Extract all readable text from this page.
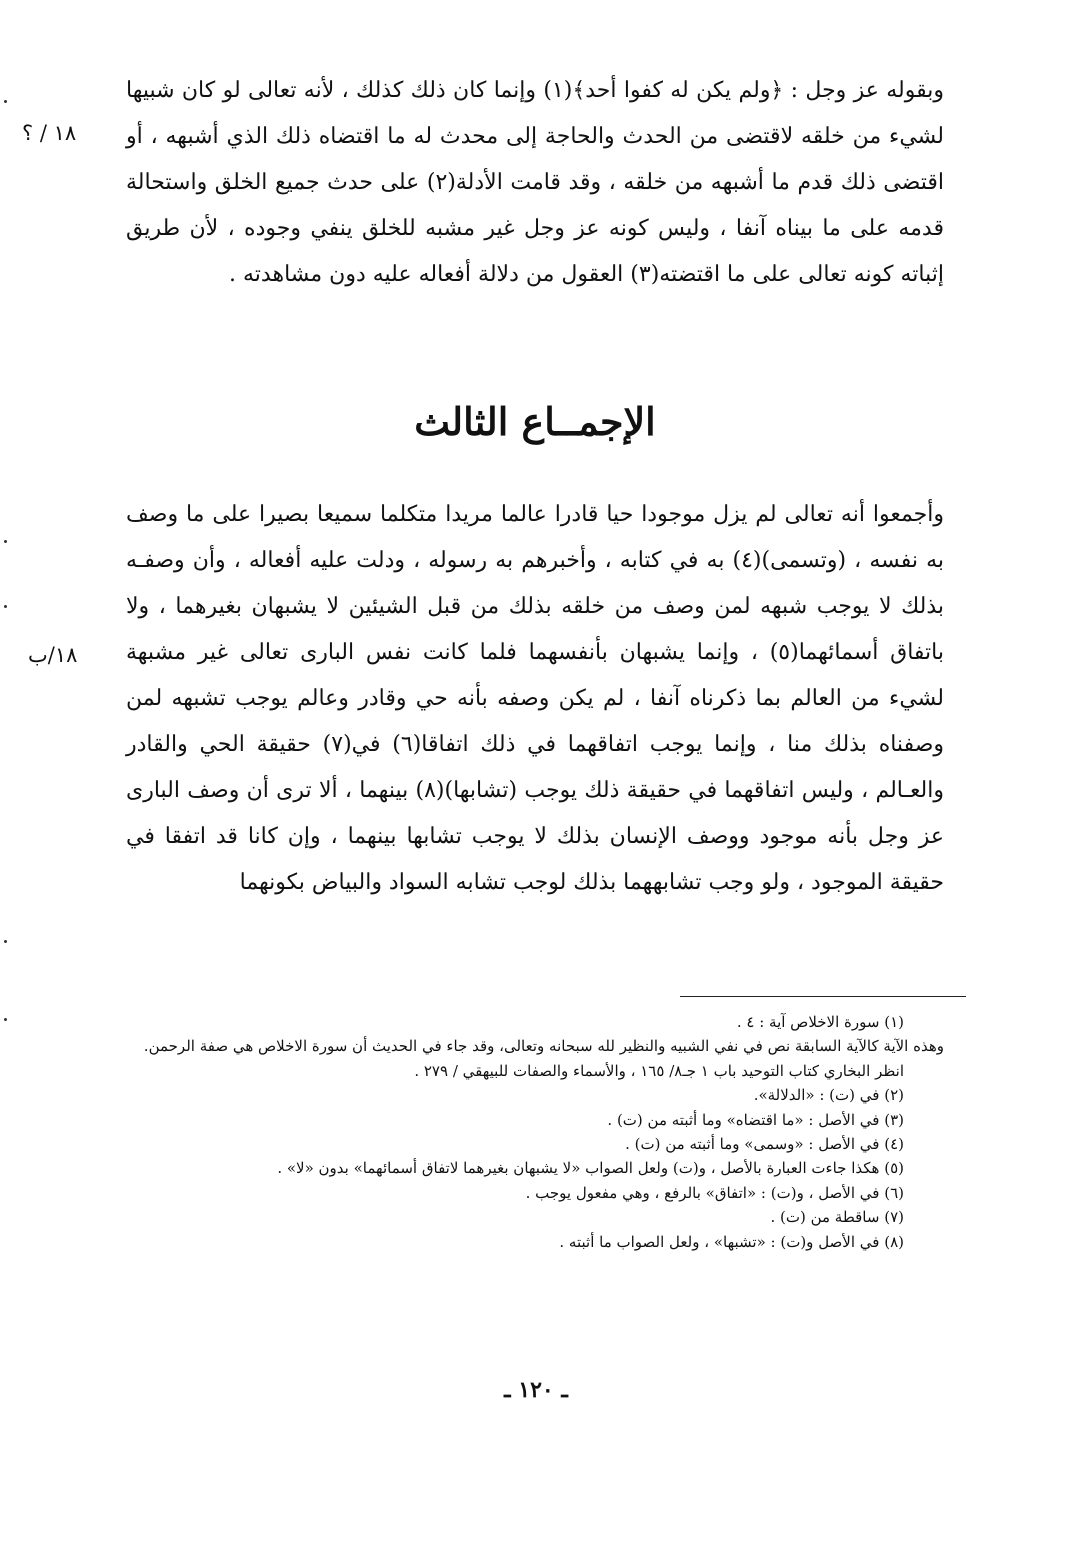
وبقوله عز وجل : ﴿ولم يكن له كفوا أحد﴾(١) وإنما كان ذلك كذلك ، لأنه تعالى لو كان شبيها لشيء من خلقه لاقتضى من الحدث والحاجة إلى محدث له ما اقتضاه ذلك الذي أشبهه ، أو اقتضى ذلك قدم ما أشبهه من خلقه ، وقد قامت الأدلة(٢) على حدث جميع الخلق واستحالة قدمه على ما بيناه آنفا ، وليس كونه عز وجل غير مشبه للخلق ينفي وجوده ، لأن طريق إثباته كونه تعالى على ما اقتضته(٣) العقول من دلالة أفعاله عليه دون مشاهدته .

١٨ / ؟
الإجمــاع الثالث

وأجمعوا أنه تعالى لم يزل موجودا حيا قادرا عالما مريدا متكلما سميعا بصيرا على ما وصف به نفسه ، (وتسمى)(٤) به في كتابه ، وأخبرهم به رسوله ، ودلت عليه أفعاله ، وأن وصفـه بذلك لا يوجب شبهه لمن وصف من خلقه بذلك من قبل الشيئين لا يشبهان بغيرهما ، ولا باتفاق أسمائهما(٥) ، وإنما يشبهان بأنفسهما فلما كانت نفس البارى تعالى غير مشبهة لشيء من العالم بما ذكرناه آنفا ، لم يكن وصفه بأنه حي وقادر وعالم يوجب تشبهه لمن وصفناه بذلك منا ، وإنما يوجب اتفاقهما في ذلك اتفاقا(٦) في(٧) حقيقة الحي والقادر والعـالم ، وليس اتفاقهما في حقيقة ذلك يوجب (تشابها)(٨) بينهما ، ألا ترى أن وصف البارى عز وجل بأنه موجود ووصف الإنسان بذلك لا يوجب تشابها بينهما ، وإن كانا قد اتفقا في حقيقة الموجود ، ولو وجب تشابههما بذلك لوجب تشابه السواد والبياض بكونهما

١٨/ب
(١) سورة الاخلاص آية : ٤ .
وهذه الآية كالآية السابقة نص في نفي الشبيه والنظير لله سبحانه وتعالى، وقد جاء في الحديث أن سورة الاخلاص هي صفة الرحمن.
انظر البخاري كتاب التوحيد باب ١ جـ٨/ ١٦٥ ، والأسماء والصفات للبيهقي / ٢٧٩ .
(٢) في (ت) : «الدلالة».
(٣) في الأصل : «ما اقتضاه» وما أثبته من (ت) .
(٤) في الأصل : «وسمى» وما أثبته من (ت) .
(٥) هكذا جاءت العبارة بالأصل ، و(ت) ولعل الصواب «لا يشبهان بغيرهما لاتفاق أسمائهما» بدون «لا» .
(٦) في الأصل ، و(ت) : «اتفاق» بالرفع ، وهي مفعول يوجب .
(٧) ساقطة من (ت) .
(٨) في الأصل و(ت) : «تشبها» ، ولعل الصواب ما أثبته .
ـ ١٢٠ ـ
